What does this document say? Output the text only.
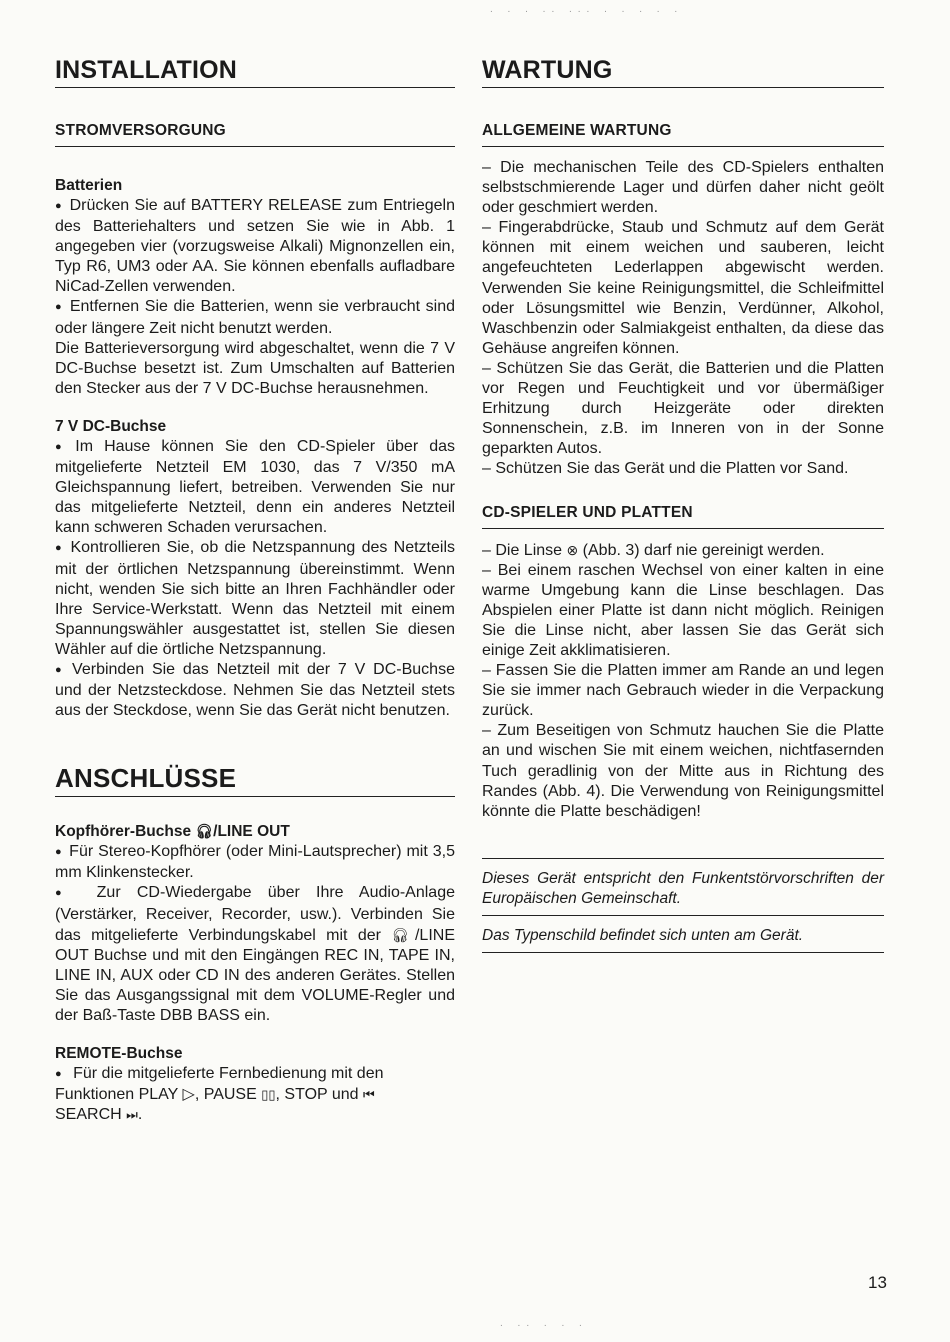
INSTALLATION
STROMVERSORGUNG
Batterien

● Drücken Sie auf BATTERY RELEASE zum Entriegeln des Batteriehalters und setzen Sie wie in Abb. 1 angegeben vier (vorzugsweise Alkali) Mignonzellen ein, Typ R6, UM3 oder AA. Sie können ebenfalls aufladbare NiCad-Zellen verwenden.

● Entfernen Sie die Batterien, wenn sie verbraucht sind oder längere Zeit nicht benutzt werden.

Die Batterieversorgung wird abgeschaltet, wenn die 7 V DC-Buchse besetzt ist. Zum Umschalten auf Batterien den Stecker aus der 7 V DC-Buchse herausnehmen.

7 V DC-Buchse

● Im Hause können Sie den CD-Spieler über das mitgelieferte Netzteil EM 1030, das 7 V/350 mA Gleichspannung liefert, betreiben. Verwenden Sie nur das mitgelieferte Netzteil, denn ein anderes Netzteil kann schweren Schaden verursachen.

● Kontrollieren Sie, ob die Netzspannung des Netzteils mit der örtlichen Netzspannung übereinstimmt. Wenn nicht, wenden Sie sich bitte an Ihren Fachhändler oder Ihre Service-Werkstatt. Wenn das Netzteil mit einem Spannungswähler ausgestattet ist, stellen Sie diesen Wähler auf die örtliche Netzspannung.

● Verbinden Sie das Netzteil mit der 7 V DC-Buchse und der Netzsteckdose. Nehmen Sie das Netzteil stets aus der Steckdose, wenn Sie das Gerät nicht benutzen.

ANSCHLÜSSE
Kopfhörer-Buchse 🎧︎/LINE OUT

● Für Stereo-Kopfhörer (oder Mini-Lautsprecher) mit 3,5 mm Klinkenstecker.

● Zur CD-Wiedergabe über Ihre Audio-Anlage (Verstärker, Receiver, Recorder, usw.). Verbinden Sie das mitgelieferte Verbindungskabel mit der 🎧︎/LINE OUT Buchse und mit den Eingängen REC IN, TAPE IN, LINE IN, AUX oder CD IN des anderen Gerätes. Stellen Sie das Ausgangssignal mit dem VOLUME-Regler und der Baß-Taste DBB BASS ein.

REMOTE-Buchse

● Für die mitgelieferte Fernbedienung mit den Funktionen PLAY ▷, PAUSE ▯▯, STOP und ⏮︎
SEARCH ⏭︎.

WARTUNG
ALLGEMEINE WARTUNG

– Die mechanischen Teile des CD-Spielers enthalten selbstschmierende Lager und dürfen daher nicht geölt oder geschmiert werden.

– Fingerabdrücke, Staub und Schmutz auf dem Gerät können mit einem weichen und sauberen, leicht angefeuchteten Lederlappen abgewischt werden. Verwenden Sie keine Reinigungsmittel, die Schleifmittel oder Lösungsmittel wie Benzin, Verdünner, Alkohol, Waschbenzin oder Salmiakgeist enthalten, da diese das Gehäuse angreifen können.

– Schützen Sie das Gerät, die Batterien und die Platten vor Regen und Feuchtigkeit und vor übermäßiger Erhitzung durch Heizgeräte oder direkten Sonnenschein, z.B. im Inneren von in der Sonne geparkten Autos.

– Schützen Sie das Gerät und die Platten vor Sand.

CD-SPIELER UND PLATTEN

– Die Linse ⊗ (Abb. 3) darf nie gereinigt werden.

– Bei einem raschen Wechsel von einer kalten in eine warme Umgebung kann die Linse beschlagen. Das Abspielen einer Platte ist dann nicht möglich. Reinigen Sie die Linse nicht, aber lassen Sie das Gerät sich einige Zeit akklimatisieren.

– Fassen Sie die Platten immer am Rande an und legen Sie sie immer nach Gebrauch wieder in die Verpackung zurück.

– Zum Beseitigen von Schmutz hauchen Sie die Platte an und wischen Sie mit einem weichen, nichtfasernden Tuch geradlinig von der Mitte aus in Richtung des Randes (Abb. 4). Die Verwendung von Reinigungsmittel könnte die Platte beschädigen!

Dieses Gerät entspricht den Funkentstörvorschriften der Europäischen Gemeinschaft.

Das Typenschild befindet sich unten am Gerät.

13
. . . .. ... . . . . .
. .. . . .
